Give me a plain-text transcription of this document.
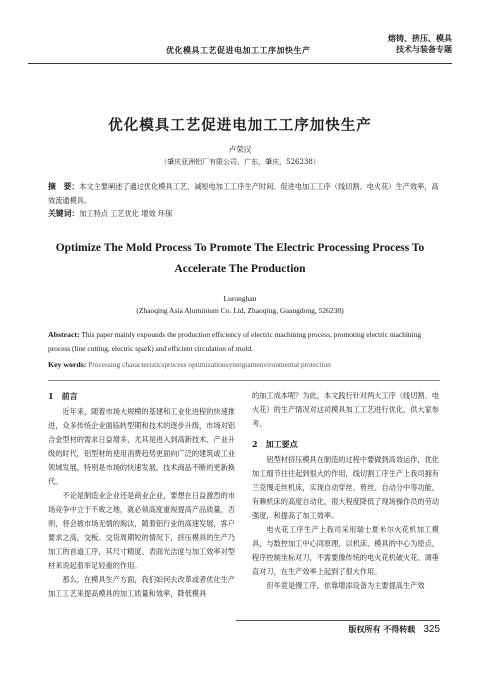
优化模具工艺促进电加工工序加快生产
熔铸、挤压、模具
技术与装备专题
优化模具工艺促进电加工工序加快生产
卢荣汉
（肇庆亚洲铝厂有限公司，广东，肇庆，526238）
摘　要：本文主要阐述了通过优化模具工艺，减短电加工工序生产时间。促进电加工工序（线切割、电火花）生产效率，高效流通模具。
关键词：加工特点 工艺优化 增效 环保
Optimize The Mold Process To Promote The Electric Processing Process To Accelerate The Production
Luronghan
(Zhaoqing Asia Aluminium Co. Ltd, Zhaoqing, Guangdong, 526238)
Abstract: This paper mainly expounds the production efficiency of electric machining process, promoting electric machining process (line cutting, electric spark) and efficient circulation of mold.
Key words: Processing characteristicsprocess optimizationsynergiamenvironmental protection
1　前言

近年来，随着市场大规模的基建和工业化进程的快速推进，众多传统企业面临转型期和技术的逐步升级，市场对铝合金型材的需求日益增多，尤其是进入到高新技术、产业升级的时代，铝型材的使用消费趋势更面向广泛的建筑或工业领域发展，特别是市场的快速发展，技术商品不断的更新换代。

不论是制造业企业还是商业企业，要想在日益激烈的市场竞争中立于不败之地，就必须高度重视提高产品质量，否则，将会被市场无情的淘汰，随着铝行业的高速发展，客户要求之高，交板、交货周期短的情况下，挤压模具的生产乃加工的首道工序，其尺寸精度、表面光洁度与加工效率对型材来说起着举足轻重的作用。

那么，在模具生产方面，我们如何去改革或者优化生产加工工艺来提高模具的加工质量和效率，降低模具

的加工成本呢？为此，本文践行针对两大工序（线切割、电火花）的生产情况对这司模具加工工艺进行优化，供大家参考。

2　加工要点

铝型材挤压模具在制造的过程中要做到高效运作，优化加工细节往往起到很大的作用，线切割工序生产上我司拥有兰克慢走丝机床，实现自动穿丝、剪丝、自动分中等功能，有赖机床的高度自动化，很大程度降低了现场操作员的劳动强度，和提高了加工效率。

电火花工序生产上我司采用瑞士夏米尔火花机加工模具，与数控加工中心同原理，以机床、模具的中心为原点，程序控制坐标对刀，不需要像传统的电火花机破火花、调垂直对刀，在生产效率上起到了很大作用。

但毕竟是慢工序，依靠增添设备为主要提高生产效

版权所有 不得转载 325
